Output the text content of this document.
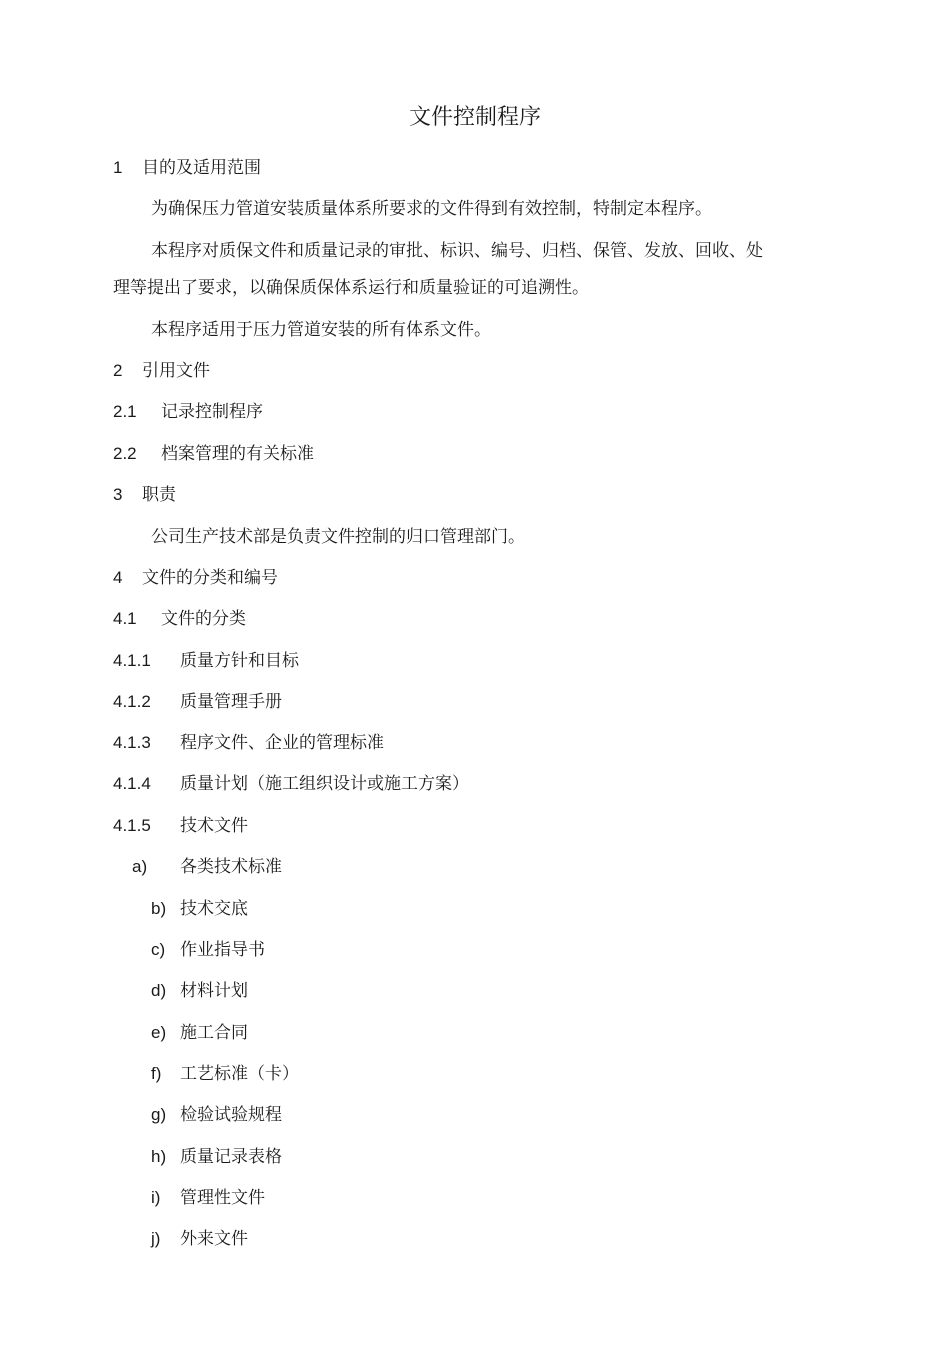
文件控制程序
1 目的及适用范围
为确保压力管道安装质量体系所要求的文件得到有效控制，特制定本程序。
本程序对质保文件和质量记录的审批、标识、编号、归档、保管、发放、回收、处
理等提出了要求，以确保质保体系运行和质量验证的可追溯性。
本程序适用于压力管道安装的所有体系文件。
2 引用文件
2.1 记录控制程序
2.2 档案管理的有关标准
3 职责
公司生产技术部是负责文件控制的归口管理部门。
4 文件的分类和编号
4.1 文件的分类
4.1.1 质量方针和目标
4.1.2 质量管理手册
4.1.3 程序文件、企业的管理标准
4.1.4 质量计划（施工组织设计或施工方案）
4.1.5 技术文件
a) 各类技术标准
b) 技术交底
c) 作业指导书
d) 材料计划
e) 施工合同
f) 工艺标准（卡）
g) 检验试验规程
h) 质量记录表格
i) 管理性文件
j) 外来文件
